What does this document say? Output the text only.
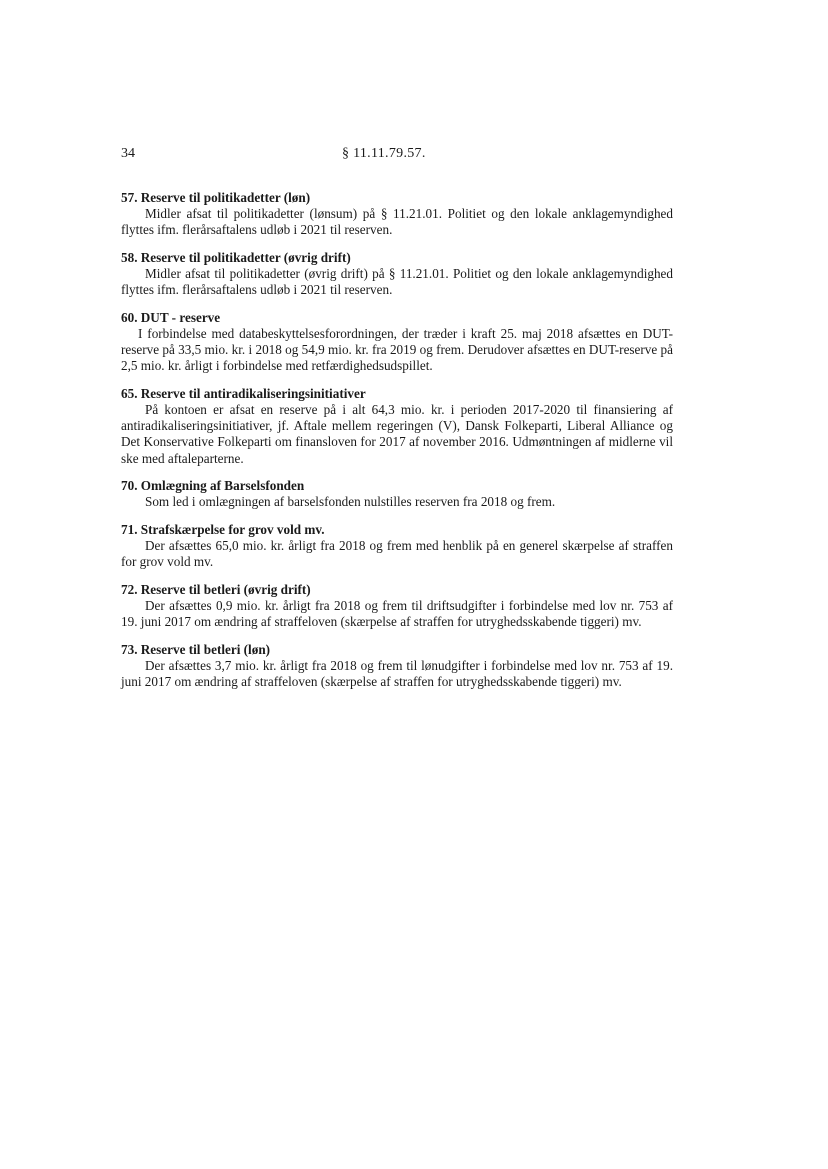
34	§ 11.11.79.57.

57. Reserve til politikadetter (løn)

Midler afsat til politikadetter (lønsum) på § 11.21.01. Politiet og den lokale anklagemyndighed flyttes ifm. flerårsaftalens udløb i 2021 til reserven.

58. Reserve til politikadetter (øvrig drift)

Midler afsat til politikadetter (øvrig drift) på § 11.21.01. Politiet og den lokale anklagemyndighed flyttes ifm. flerårsaftalens udløb i 2021 til reserven.

60. DUT - reserve

I forbindelse med databeskyttelsesforordningen, der træder i kraft 25. maj 2018 afsættes en DUT-reserve på 33,5 mio. kr. i 2018 og 54,9 mio. kr. fra 2019 og frem. Derudover afsættes en DUT-reserve på 2,5 mio. kr. årligt i forbindelse med retfærdighedsudspillet.

65. Reserve til antiradikaliseringsinitiativer

På kontoen er afsat en reserve på i alt 64,3 mio. kr. i perioden 2017-2020 til finansiering af antiradikaliseringsinitiativer, jf. Aftale mellem regeringen (V), Dansk Folkeparti, Liberal Alliance og Det Konservative Folkeparti om finansloven for 2017 af november 2016. Udmøntningen af midlerne vil ske med aftaleparterne.

70. Omlægning af Barselsfonden

Som led i omlægningen af barselsfonden nulstilles reserven fra 2018 og frem.

71. Strafskærpelse for grov vold mv.

Der afsættes 65,0 mio. kr. årligt fra 2018 og frem med henblik på en generel skærpelse af straffen for grov vold mv.

72. Reserve til betleri (øvrig drift)

Der afsættes 0,9 mio. kr. årligt fra 2018 og frem til driftsudgifter i forbindelse med lov nr. 753 af 19. juni 2017 om ændring af straffeloven (skærpelse af straffen for utryghedsskabende tiggeri) mv.

73. Reserve til betleri (løn)

Der afsættes 3,7 mio. kr. årligt fra 2018 og frem til lønudgifter i forbindelse med lov nr. 753 af 19. juni 2017 om ændring af straffeloven (skærpelse af straffen for utryghedsskabende tiggeri) mv.
